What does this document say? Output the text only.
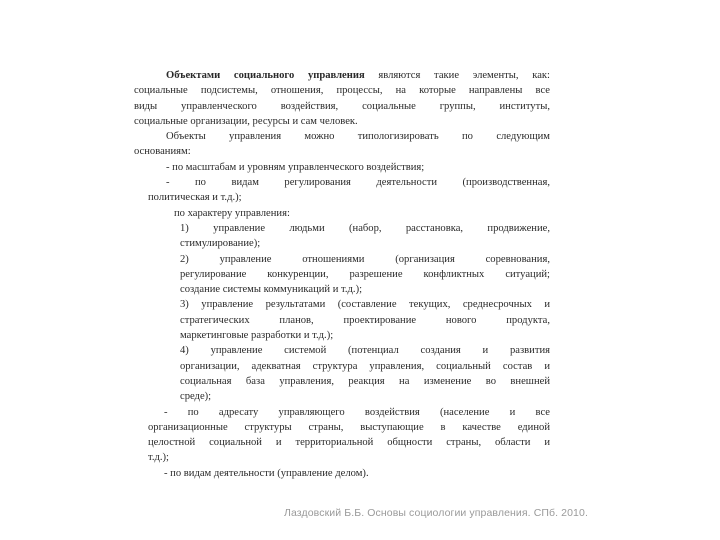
Объектами социального управления являются такие элементы, как:
социальные подсистемы, отношения, процессы, на которые направлены все
виды управленческого воздействия, социальные группы, институты,
социальные организации, ресурсы и сам человек.
Объекты управления можно типологизировать по следующим
основаниям:
- по масштабам и уровням управленческого воздействия;
- по видам регулирования деятельности (производственная,
политическая и т.д.);
по характеру управления:
1) управление людьми (набор, расстановка, продвижение,
стимулирование);
2) управление отношениями (организация соревнования,
регулирование конкуренции, разрешение конфликтных ситуаций;
создание системы коммуникаций и т.д.);
3) управление результатами (составление текущих, среднесрочных и
стратегических планов, проектирование нового продукта,
маркетинговые разработки и т.д.);
4) управление системой (потенциал создания и развития
организации, адекватная структура управления, социальный состав и
социальная база управления, реакция на изменение во внешней
среде);
- по адресату управляющего воздействия (население и все
организационные структуры страны, выступающие в качестве единой
целостной социальной и территориальной общности страны, области и
т.д.);
- по видам деятельности (управление делом).
Лаздовский Б.Б. Основы социологии управления. СПб. 2010.
